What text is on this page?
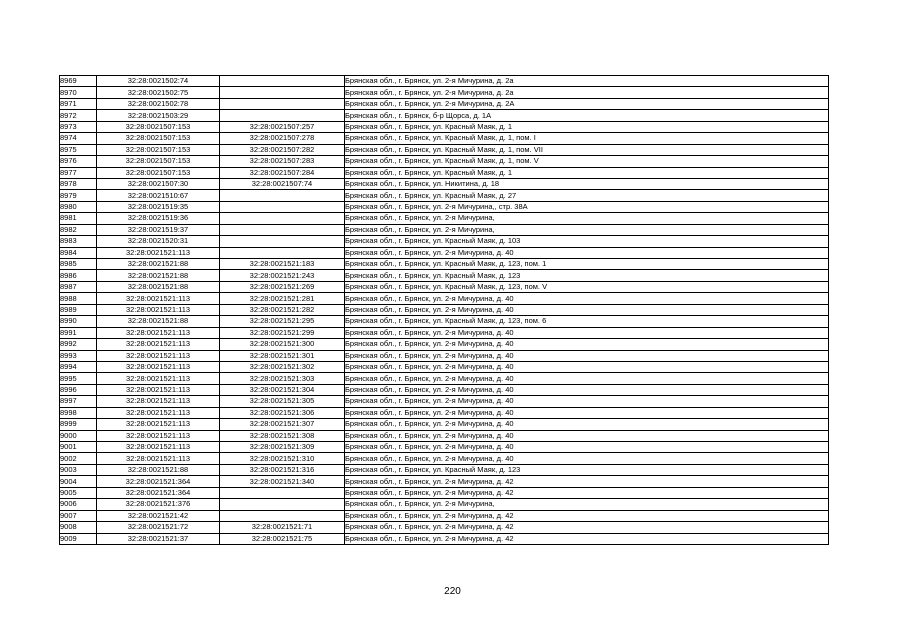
8969	32:28:0021502:74		Брянская обл., г. Брянск, ул. 2-я Мичурина, д. 2а
8970	32:28:0021502:75		Брянская обл., г. Брянск, ул. 2-я Мичурина, д. 2а
8971	32:28:0021502:78		Брянская обл., г. Брянск, ул. 2-я Мичурина, д. 2А
8972	32:28:0021503:29		Брянская обл., г. Брянск, б-р Щорса, д. 1А
8973	32:28:0021507:153	32:28:0021507:257	Брянская обл., г. Брянск, ул. Красный Маяк, д. 1
8974	32:28:0021507:153	32:28:0021507:278	Брянская обл., г. Брянск, ул. Красный Маяк, д. 1, пом. I
8975	32:28:0021507:153	32:28:0021507:282	Брянская обл., г. Брянск, ул. Красный Маяк, д. 1, пом. VII
8976	32:28:0021507:153	32:28:0021507:283	Брянская обл., г. Брянск, ул. Красный Маяк, д. 1, пом. V
8977	32:28:0021507:153	32:28:0021507:284	Брянская обл., г. Брянск, ул. Красный Маяк, д. 1
8978	32:28:0021507:30	32:28:0021507:74	Брянская обл., г. Брянск, ул. Никитина, д. 18
8979	32:28:0021510:67		Брянская обл., г. Брянск, ул. Красный Маяк, д. 27
8980	32:28:0021519:35		Брянская обл., г. Брянск, ул. 2-я Мичурина,, стр. 38А
8981	32:28:0021519:36		Брянская обл., г. Брянск, ул. 2-я Мичурина,
8982	32:28:0021519:37		Брянская обл., г. Брянск, ул. 2-я Мичурина,
8983	32:28:0021520:31		Брянская обл., г. Брянск, ул. Красный Маяк, д. 103
8984	32:28:0021521:113		Брянская обл., г. Брянск, ул. 2-я Мичурина, д. 40
8985	32:28:0021521:88	32:28:0021521:183	Брянская обл., г. Брянск, ул. Красный Маяк, д. 123, пом. 1
8986	32:28:0021521:88	32:28:0021521:243	Брянская обл., г. Брянск, ул. Красный Маяк, д. 123
8987	32:28:0021521:88	32:28:0021521:269	Брянская обл., г. Брянск, ул. Красный Маяк, д. 123, пом. V
8988	32:28:0021521:113	32:28:0021521:281	Брянская обл., г. Брянск, ул. 2-я Мичурина, д. 40
8989	32:28:0021521:113	32:28:0021521:282	Брянская обл., г. Брянск, ул. 2-я Мичурина, д. 40
8990	32:28:0021521:88	32:28:0021521:295	Брянская обл., г. Брянск, ул. Красный Маяк, д. 123, пом. 6
8991	32:28:0021521:113	32:28:0021521:299	Брянская обл., г. Брянск, ул. 2-я Мичурина, д. 40
8992	32:28:0021521:113	32:28:0021521:300	Брянская обл., г. Брянск, ул. 2-я Мичурина, д. 40
8993	32:28:0021521:113	32:28:0021521:301	Брянская обл., г. Брянск, ул. 2-я Мичурина, д. 40
8994	32:28:0021521:113	32:28:0021521:302	Брянская обл., г. Брянск, ул. 2-я Мичурина, д. 40
8995	32:28:0021521:113	32:28:0021521:303	Брянская обл., г. Брянск, ул. 2-я Мичурина, д. 40
8996	32:28:0021521:113	32:28:0021521:304	Брянская обл., г. Брянск, ул. 2-я Мичурина, д. 40
8997	32:28:0021521:113	32:28:0021521:305	Брянская обл., г. Брянск, ул. 2-я Мичурина, д. 40
8998	32:28:0021521:113	32:28:0021521:306	Брянская обл., г. Брянск, ул. 2-я Мичурина, д. 40
8999	32:28:0021521:113	32:28:0021521:307	Брянская обл., г. Брянск, ул. 2-я Мичурина, д. 40
9000	32:28:0021521:113	32:28:0021521:308	Брянская обл., г. Брянск, ул. 2-я Мичурина, д. 40
9001	32:28:0021521:113	32:28:0021521:309	Брянская обл., г. Брянск, ул. 2-я Мичурина, д. 40
9002	32:28:0021521:113	32:28:0021521:310	Брянская обл., г. Брянск, ул. 2-я Мичурина, д. 40
9003	32:28:0021521:88	32:28:0021521:316	Брянская обл., г. Брянск, ул. Красный Маяк, д. 123
9004	32:28:0021521:364	32:28:0021521:340	Брянская обл., г. Брянск, ул. 2-я Мичурина, д. 42
9005	32:28:0021521:364		Брянская обл., г. Брянск, ул. 2-я Мичурина, д. 42
9006	32:28:0021521:376		Брянская обл., г. Брянск, ул. 2-я Мичурина,
9007	32:28:0021521:42		Брянская обл., г. Брянск, ул. 2-я Мичурина, д. 42
9008	32:28:0021521:72	32:28:0021521:71	Брянская обл., г. Брянск, ул. 2-я Мичурина, д. 42
9009	32:28:0021521:37	32:28:0021521:75	Брянская обл., г. Брянск, ул. 2-я Мичурина, д. 42
220
